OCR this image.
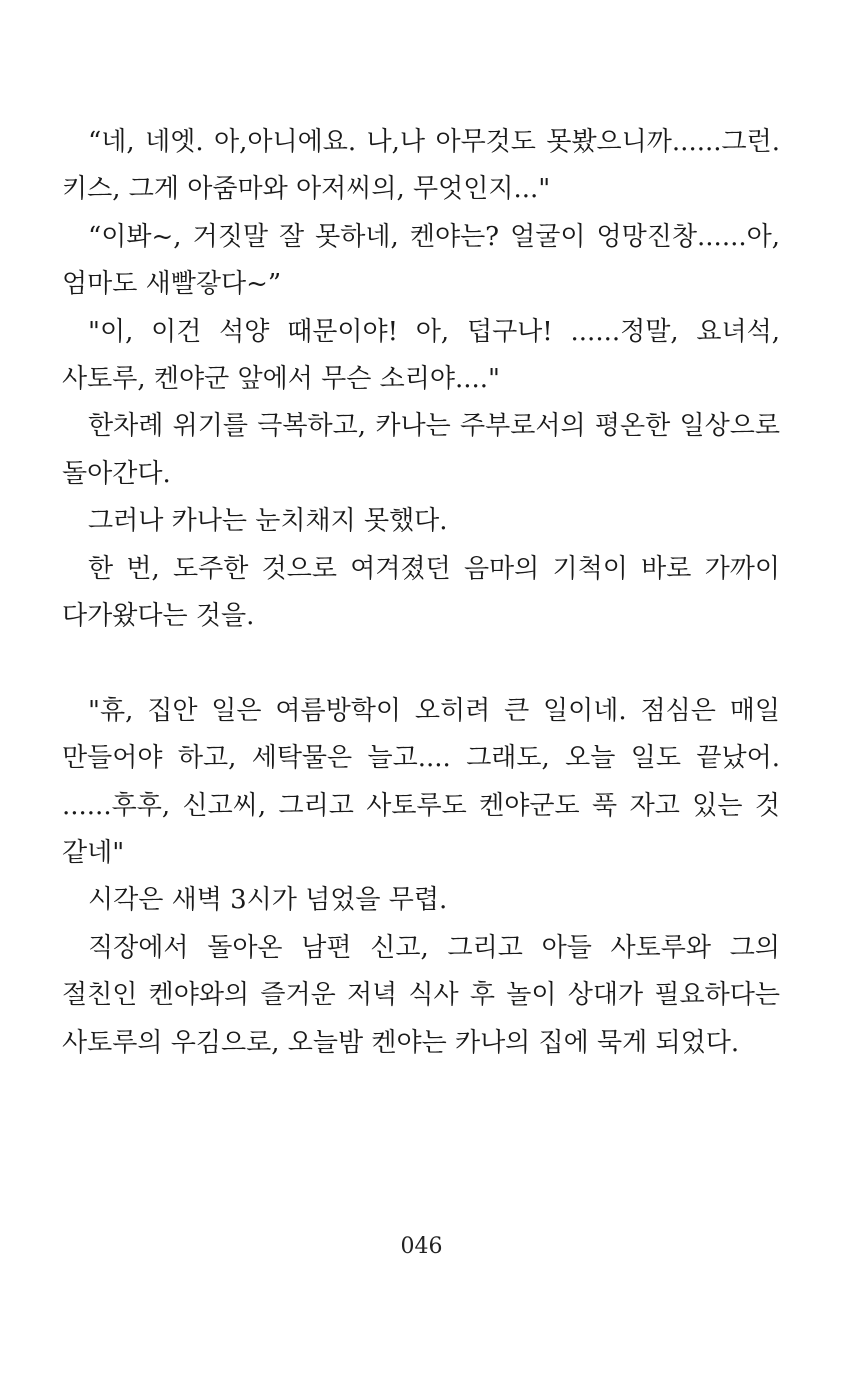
“네, 네엣. 아,아니에요. 나,나 아무것도 못봤으니까......그런. 키스, 그게 아줌마와 아저씨의, 무엇인지..."

“이봐~, 거짓말 잘 못하네, 켄야는? 얼굴이 엉망진창......아, 엄마도 새빨갛다~”

"이, 이건 석양 때문이야! 아, 덥구나! ......정말, 요녀석, 사토루, 켄야군 앞에서 무슨 소리야...."

한차례 위기를 극복하고, 카나는 주부로서의 평온한 일상으로 돌아간다.

그러나 카나는 눈치채지 못했다.

한 번, 도주한 것으로 여겨졌던 음마의 기척이 바로 가까이 다가왔다는 것을.

"휴, 집안 일은 여름방학이 오히려 큰 일이네. 점심은 매일 만들어야 하고, 세탁물은 늘고.... 그래도, 오늘 일도 끝났어. ......후후, 신고씨, 그리고 사토루도 켄야군도 푹 자고 있는 것 같네"

시각은 새벽 3시가 넘었을 무렵.

직장에서 돌아온 남편 신고, 그리고 아들 사토루와 그의 절친인 켄야와의 즐거운 저녁 식사 후 놀이 상대가 필요하다는 사토루의 우김으로, 오늘밤 켄야는 카나의 집에 묵게 되었다.

046
